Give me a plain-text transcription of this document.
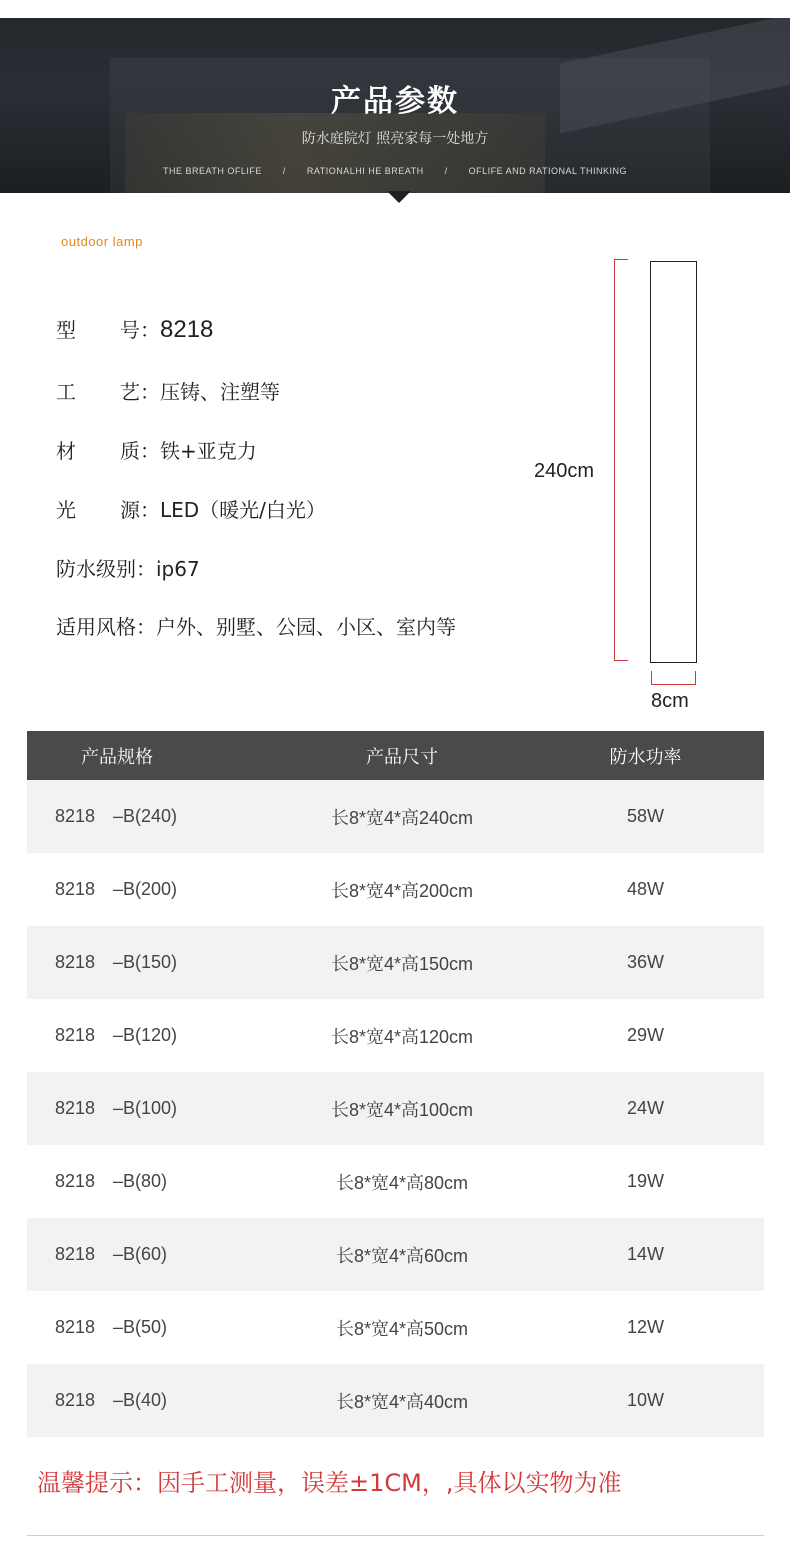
产品参数
防水庭院灯 照亮家每一处地方
THE BREATH OFLIFE / RATIONALHI HE BREATH / OFLIFE AND RATIONAL THINKING
outdoor lamp
型 号：8218
工 艺：压铸、注塑等
材 质：铁+亚克力
光 源：LED（暖光/白光）
防水级别：ip67
适用风格：户外、别墅、公园、小区、室内等
240cm
8cm
产品规格	产品尺寸	防水功率
8218 –B(240)	长8*宽4*高240cm	58W
8218 –B(200)	长8*宽4*高200cm	48W
8218 –B(150)	长8*宽4*高150cm	36W
8218 –B(120)	长8*宽4*高120cm	29W
8218 –B(100)	长8*宽4*高100cm	24W
8218 –B(80)	长8*宽4*高80cm	19W
8218 –B(60)	长8*宽4*高60cm	14W
8218 –B(50)	长8*宽4*高50cm	12W
8218 –B(40)	长8*宽4*高40cm	10W
温馨提示：因手工测量，误差±1CM，,具体以实物为准
